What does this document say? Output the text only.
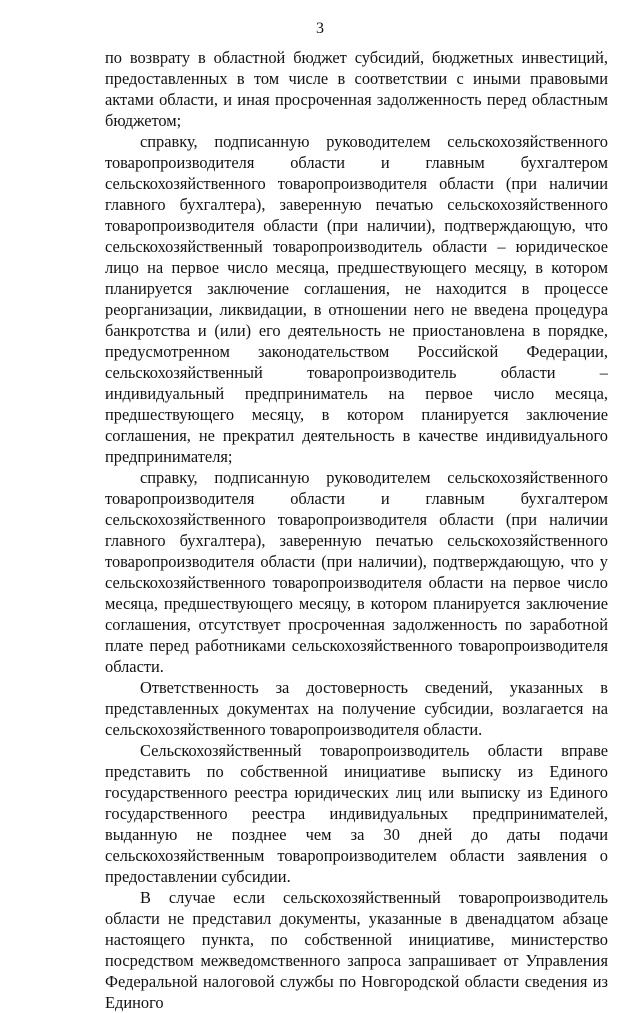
3

по возврату в областной бюджет субсидий, бюджетных инвестиций, предоставленных в том числе в соответствии с иными правовыми актами области, и иная просроченная задолженность перед областным бюджетом;

справку, подписанную руководителем сельскохозяйственного товаропроизводителя области и главным бухгалтером сельскохозяйственного товаропроизводителя области (при наличии главного бухгалтера), заверенную печатью сельскохозяйственного товаропроизводителя области (при наличии), подтверждающую, что сельскохозяйственный товаропроизводитель области – юридическое лицо на первое число месяца, предшествующего месяцу, в котором планируется заключение соглашения, не находится в процессе реорганизации, ликвидации, в отношении него не введена процедура банкротства и (или) его деятельность не приостановлена в порядке, предусмотренном законодательством Российской Федерации, сельскохозяйственный товаропроизводитель области – индивидуальный предприниматель на первое число месяца, предшествующего месяцу, в котором планируется заключение соглашения, не прекратил деятельность в качестве индивидуального предпринимателя;

справку, подписанную руководителем сельскохозяйственного товаропроизводителя области и главным бухгалтером сельскохозяйственного товаропроизводителя области (при наличии главного бухгалтера), заверенную печатью сельскохозяйственного товаропроизводителя области (при наличии), подтверждающую, что у сельскохозяйственного товаропроизводителя области на первое число месяца, предшествующего месяцу, в котором планируется заключение соглашения, отсутствует просроченная задолженность по заработной плате перед работниками сельскохозяйственного товаропроизводителя области.

Ответственность за достоверность сведений, указанных в представленных документах на получение субсидии, возлагается на сельскохозяйственного товаропроизводителя области.

Сельскохозяйственный товаропроизводитель области вправе представить по собственной инициативе выписку из Единого государственного реестра юридических лиц или выписку из Единого государственного реестра индивидуальных предпринимателей, выданную не позднее чем за 30 дней до даты подачи сельскохозяйственным товаропроизводителем области заявления о предоставлении субсидии.

В случае если сельскохозяйственный товаропроизводитель области не представил документы, указанные в двенадцатом абзаце настоящего пункта, по собственной инициативе, министерство посредством межведомственного запроса запрашивает от Управления Федеральной налоговой службы по Новгородской области сведения из Единого
